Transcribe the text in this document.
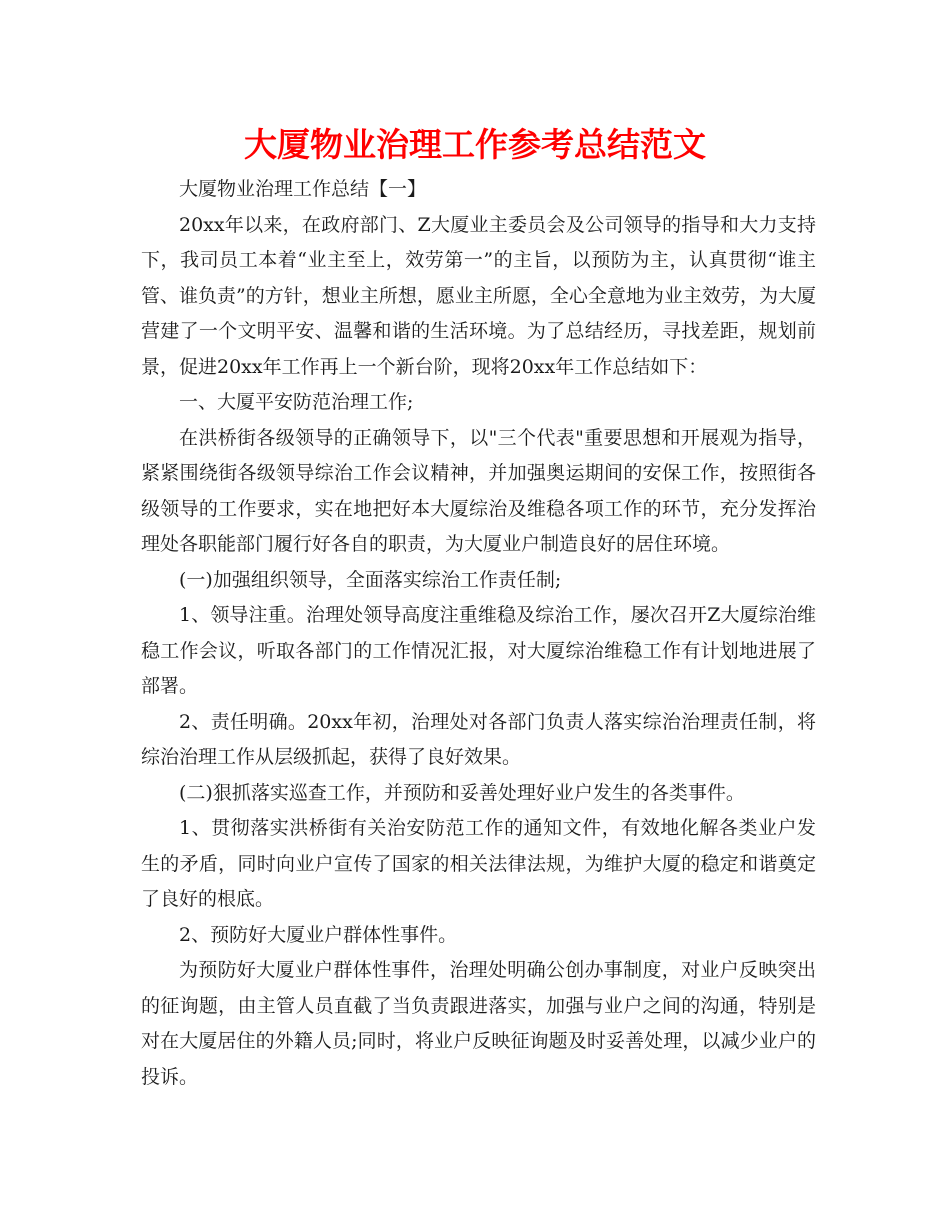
大厦物业治理工作参考总结范文

大厦物业治理工作总结【一】

20xx年以来，在政府部门、Z大厦业主委员会及公司领导的指导和大力支持下，我司员工本着“业主至上，效劳第一”的主旨，以预防为主，认真贯彻“谁主管、谁负责”的方针，想业主所想，愿业主所愿，全心全意地为业主效劳，为大厦营建了一个文明平安、温馨和谐的生活环境。为了总结经历，寻找差距，规划前景，促进20xx年工作再上一个新台阶，现将20xx年工作总结如下：

一、大厦平安防范治理工作;

在洪桥街各级领导的正确领导下，以"三个代表"重要思想和开展观为指导，紧紧围绕街各级领导综治工作会议精神，并加强奥运期间的安保工作，按照街各级领导的工作要求，实在地把好本大厦综治及维稳各项工作的环节，充分发挥治理处各职能部门履行好各自的职责，为大厦业户制造良好的居住环境。

(一)加强组织领导，全面落实综治工作责任制;

1、领导注重。治理处领导高度注重维稳及综治工作，屡次召开Z大厦综治维稳工作会议，听取各部门的工作情况汇报，对大厦综治维稳工作有计划地进展了部署。

2、责任明确。20xx年初，治理处对各部门负责人落实综治治理责任制，将综治治理工作从层级抓起，获得了良好效果。

(二)狠抓落实巡查工作，并预防和妥善处理好业户发生的各类事件。

1、贯彻落实洪桥街有关治安防范工作的通知文件，有效地化解各类业户发生的矛盾，同时向业户宣传了国家的相关法律法规，为维护大厦的稳定和谐奠定了良好的根底。

2、预防好大厦业户群体性事件。

为预防好大厦业户群体性事件，治理处明确公创办事制度，对业户反映突出的征询题，由主管人员直截了当负责跟进落实，加强与业户之间的沟通，特别是对在大厦居住的外籍人员;同时，将业户反映征询题及时妥善处理，以减少业户的投诉。
